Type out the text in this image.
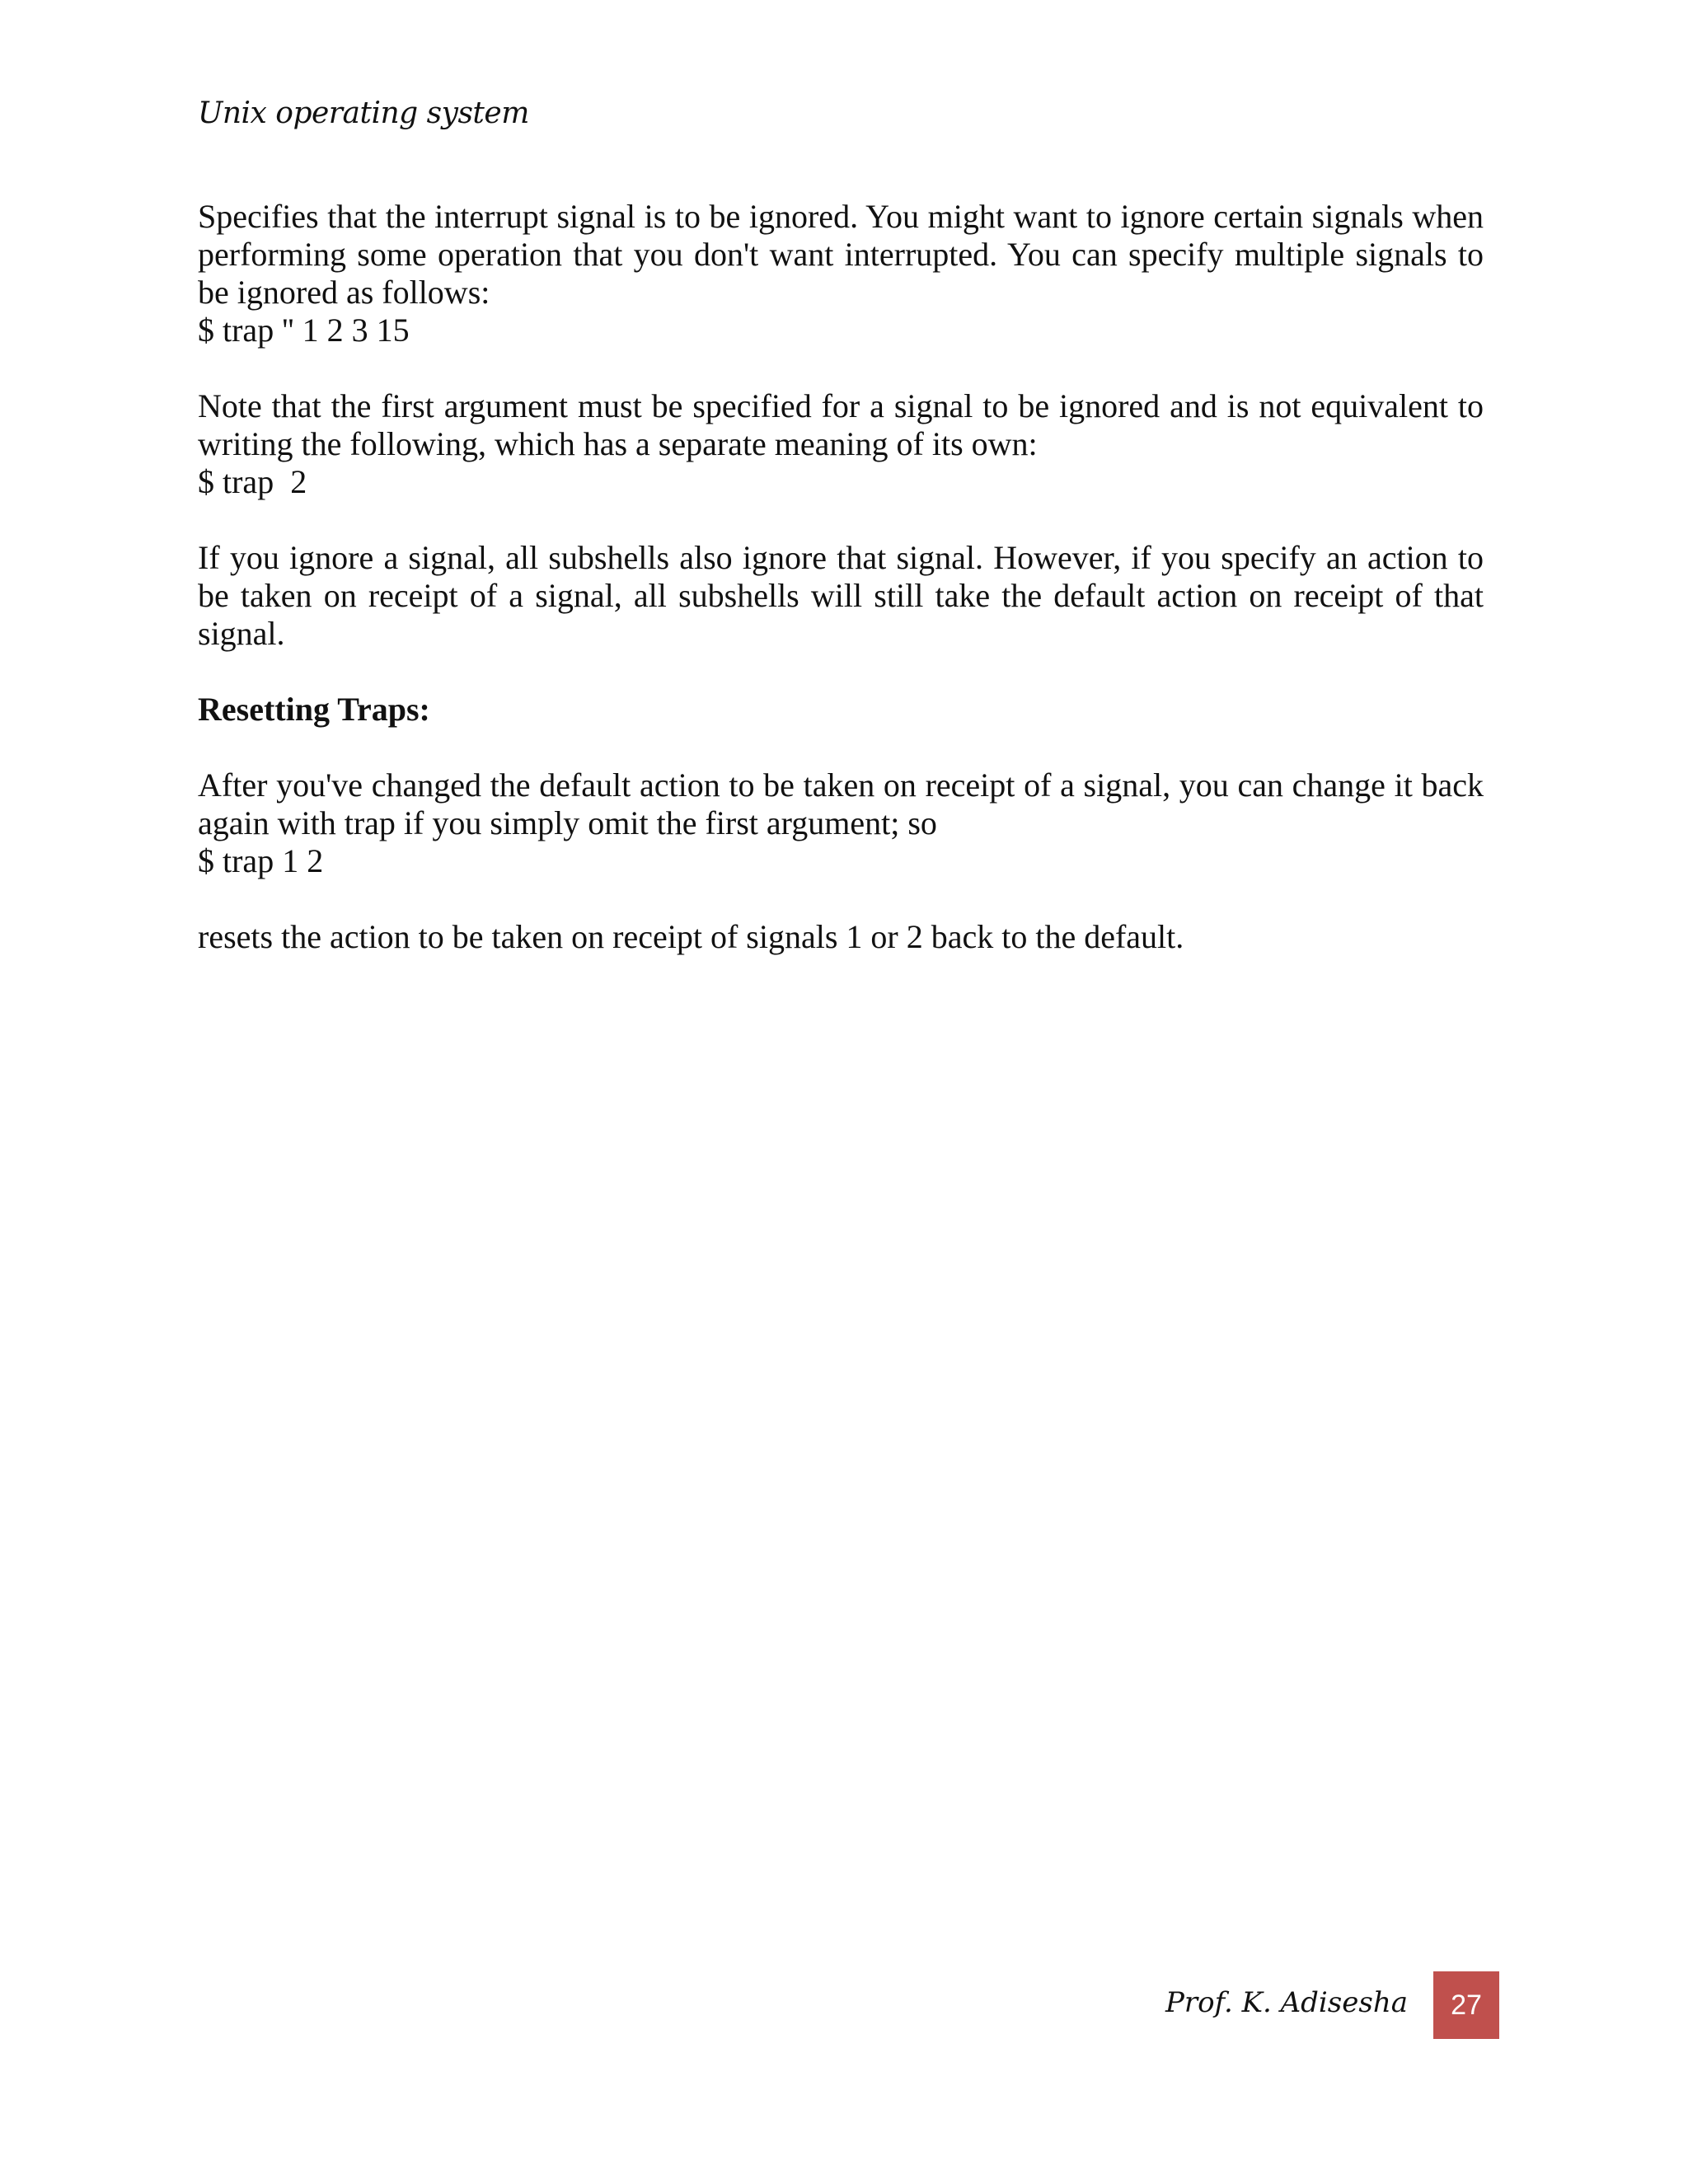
Unix operating system
Specifies that the interrupt signal is to be ignored. You might want to ignore certain signals when performing some operation that you don't want interrupted. You can specify multiple signals to be ignored as follows:
$ trap '' 1 2 3 15
Note that the first argument must be specified for a signal to be ignored and is not equivalent to writing the following, which has a separate meaning of its own:
$ trap  2
If you ignore a signal, all subshells also ignore that signal. However, if you specify an action to be taken on receipt of a signal, all subshells will still take the default action on receipt of that signal.
Resetting Traps:
After you've changed the default action to be taken on receipt of a signal, you can change it back again with trap if you simply omit the first argument; so
$ trap 1 2
resets the action to be taken on receipt of signals 1 or 2 back to the default.
Prof. K. Adisesha 27
